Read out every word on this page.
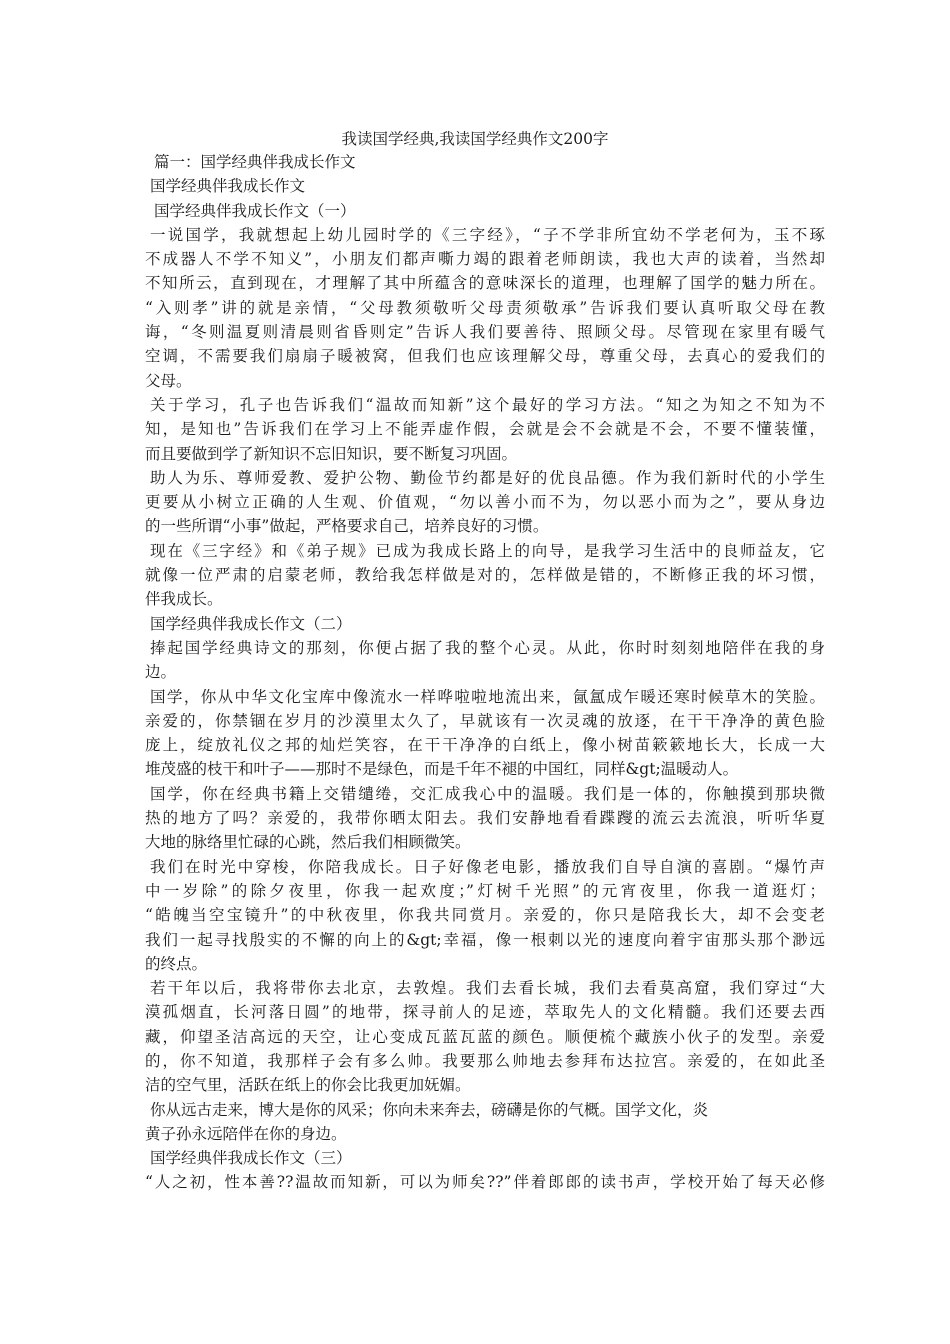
我读国学经典,我读国学经典作文200字
篇一：国学经典伴我成长作文
国学经典伴我成长作文
国学经典伴我成长作文（一）
一说国学，我就想起上幼儿园时学的《三字经》，“子不学非所宜幼不学老何为，玉不琢
不成器人不学不知义”，小朋友们都声嘶力竭的跟着老师朗读，我也大声的读着，当然却
不知所云，直到现在，才理解了其中所蕴含的意味深长的道理，也理解了国学的魅力所在。
“入则孝”讲的就是亲情，“父母教须敬听父母责须敬承”告诉我们要认真听取父母在教
诲，“冬则温夏则清晨则省昏则定”告诉人我们要善待、照顾父母。尽管现在家里有暖气
空调，不需要我们扇扇子暖被窝，但我们也应该理解父母，尊重父母，去真心的爱我们的
父母。
关于学习，孔子也告诉我们“温故而知新”这个最好的学习方法。“知之为知之不知为不
知，是知也”告诉我们在学习上不能弄虚作假，会就是会不会就是不会，不要不懂装懂，
而且要做到学了新知识不忘旧知识，要不断复习巩固。
助人为乐、尊师爱教、爱护公物、勤俭节约都是好的优良品德。作为我们新时代的小学生
更要从小树立正确的人生观、价值观，“勿以善小而不为，勿以恶小而为之”，要从身边
的一些所谓“小事”做起，严格要求自己，培养良好的习惯。
现在《三字经》和《弟子规》已成为我成长路上的向导，是我学习生活中的良师益友，它
就像一位严肃的启蒙老师，教给我怎样做是对的，怎样做是错的，不断修正我的坏习惯，
伴我成长。
国学经典伴我成长作文（二）
捧起国学经典诗文的那刻，你便占据了我的整个心灵。从此，你时时刻刻地陪伴在我的身
边。
国学，你从中华文化宝库中像流水一样哗啦啦地流出来，氤氲成乍暖还寒时候草木的笑脸。
亲爱的，你禁锢在岁月的沙漠里太久了，早就该有一次灵魂的放逐，在干干净净的黄色脸
庞上，绽放礼仪之邦的灿烂笑容，在干干净净的白纸上，像小树苗簌簌地长大，长成一大
堆茂盛的枝干和叶子——那时不是绿色，而是千年不褪的中国红，同样&gt;温暖动人。
国学，你在经典书籍上交错缱绻，交汇成我心中的温暖。我们是一体的，你触摸到那块微
热的地方了吗？亲爱的，我带你晒太阳去。我们安静地看看蹀躞的流云去流浪，听听华夏
大地的脉络里忙碌的心跳，然后我们相顾微笑。
我们在时光中穿梭，你陪我成长。日子好像老电影，播放我们自导自演的喜剧。“爆竹声
中一岁除”的除夕夜里，你我一起欢度；”灯树千光照”的元宵夜里，你我一道逛灯；
“皓魄当空宝镜升”的中秋夜里，你我共同赏月。亲爱的，你只是陪我长大，却不会变老
我们一起寻找殷实的不懈的向上的&gt;幸福，像一根刺以光的速度向着宇宙那头那个渺远
的终点。
若干年以后，我将带你去北京，去敦煌。我们去看长城，我们去看莫高窟，我们穿过“大
漠孤烟直，长河落日圆”的地带，探寻前人的足迹，萃取先人的文化精髓。我们还要去西
藏，仰望圣洁高远的天空，让心变成瓦蓝瓦蓝的颜色。顺便梳个藏族小伙子的发型。亲爱
的，你不知道，我那样子会有多么帅。我要那么帅地去参拜布达拉宫。亲爱的，在如此圣
洁的空气里，活跃在纸上的你会比我更加妩媚。
你从远古走来，博大是你的风采；你向未来奔去，磅礴是你的气概。国学文化，炎
黄子孙永远陪伴在你的身边。
国学经典伴我成长作文（三）
“人之初，性本善??温故而知新，可以为师矣??”伴着郎郎的读书声，学校开始了每天必修
